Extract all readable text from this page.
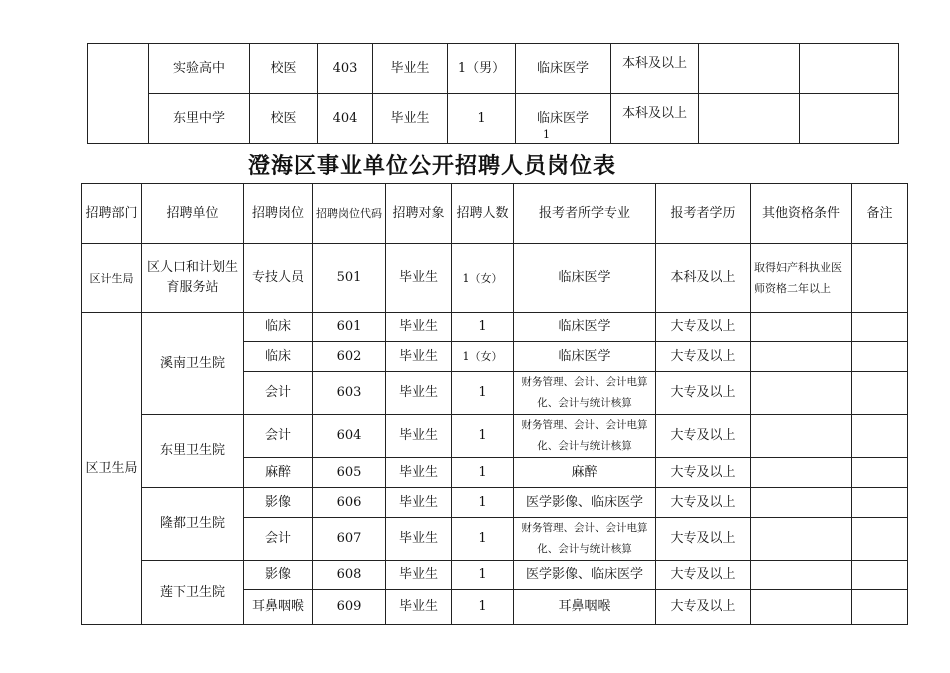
	实验高中	校医	403	毕业生	1（男）	临床医学	本科及以上		
	东里中学	校医	404	毕业生	1	临床医学	本科及以上		
1
澄海区事业单位公开招聘人员岗位表
招聘部门	招聘单位	招聘岗位	招聘岗位代码	招聘对象	招聘人数	报考者所学专业	报考者学历	其他资格条件	备注
区计生局	区人口和计划生育服务站	专技人员	501	毕业生	1（女）	临床医学	本科及以上	取得妇产科执业医师资格二年以上	
区卫生局	溪南卫生院	临床	601	毕业生	1	临床医学	大专及以上		
		临床	602	毕业生	1（女）	临床医学	大专及以上		
		会计	603	毕业生	1	财务管理、会计、会计电算化、会计与统计核算	大专及以上		
	东里卫生院	会计	604	毕业生	1	财务管理、会计、会计电算化、会计与统计核算	大专及以上		
		麻醉	605	毕业生	1	麻醉	大专及以上		
	隆都卫生院	影像	606	毕业生	1	医学影像、临床医学	大专及以上		
		会计	607	毕业生	1	财务管理、会计、会计电算化、会计与统计核算	大专及以上		
	莲下卫生院	影像	608	毕业生	1	医学影像、临床医学	大专及以上		
		耳鼻咽喉	609	毕业生	1	耳鼻咽喉	大专及以上		
